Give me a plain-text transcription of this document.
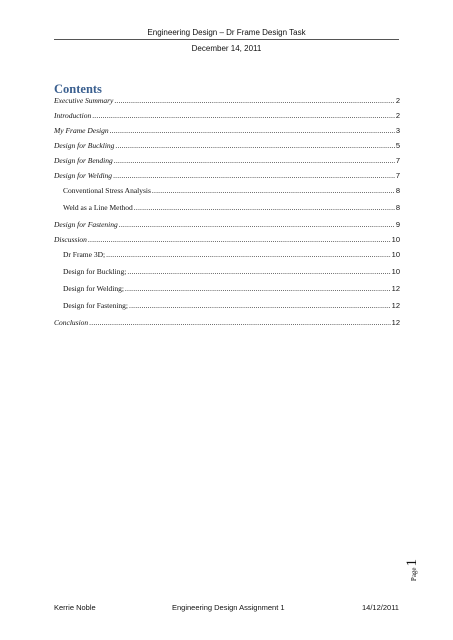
Engineering Design – Dr Frame Design Task
December 14, 2011
Contents
Executive Summary .....	2
Introduction .....	2
My Frame Design .....	3
Design for Buckling .....	5
Design for Bending .....	7
Design for Welding .....	7
Conventional Stress Analysis .....	8
Weld as a Line Method .....	8
Design for Fastening .....	9
Discussion .....	10
Dr Frame 3D; .....	10
Design for Buckling; .....	10
Design for Welding; .....	12
Design for Fastening; .....	12
Conclusion .....	12
Page
1
Kerrie Noble	Engineering Design Assignment 1	14/12/2011
